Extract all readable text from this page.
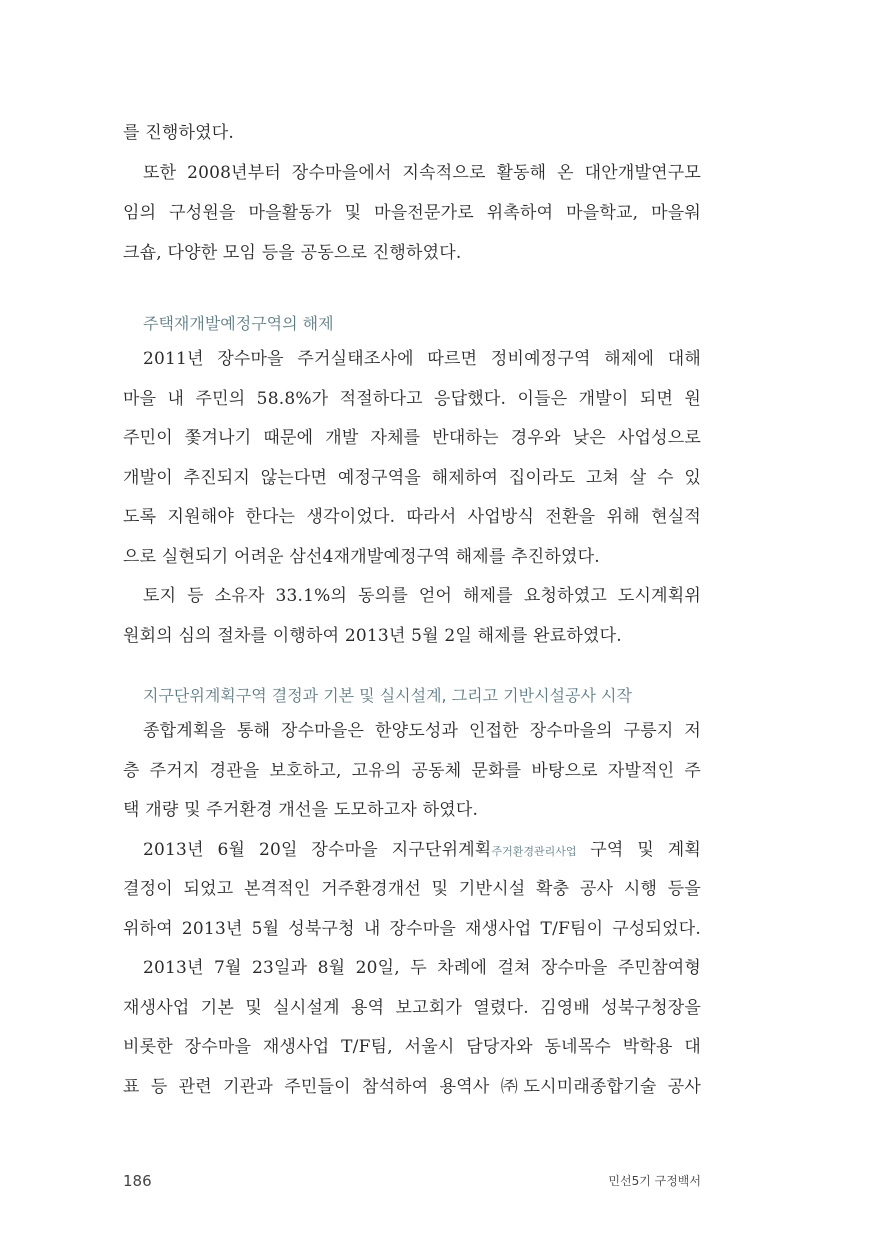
를 진행하였다.

또한 2008년부터 장수마을에서 지속적으로 활동해 온 대안개발연구모

임의 구성원을 마을활동가 및 마을전문가로 위촉하여 마을학교, 마을워

크숍, 다양한 모임 등을 공동으로 진행하였다.

주택재개발예정구역의 해제

2011년 장수마을 주거실태조사에 따르면 정비예정구역 해제에 대해

마을 내 주민의 58.8%가 적절하다고 응답했다. 이들은 개발이 되면 원

주민이 쫓겨나기 때문에 개발 자체를 반대하는 경우와 낮은 사업성으로

개발이 추진되지 않는다면 예정구역을 해제하여 집이라도 고쳐 살 수 있

도록 지원해야 한다는 생각이었다. 따라서 사업방식 전환을 위해 현실적

으로 실현되기 어려운 삼선4재개발예정구역 해제를 추진하였다.

토지 등 소유자 33.1%의 동의를 얻어 해제를 요청하였고 도시계획위

원회의 심의 절차를 이행하여 2013년 5월 2일 해제를 완료하였다.

지구단위계획구역 결정과 기본 및 실시설계, 그리고 기반시설공사 시작

종합계획을 통해 장수마을은 한양도성과 인접한 장수마을의 구릉지 저

층 주거지 경관을 보호하고, 고유의 공동체 문화를 바탕으로 자발적인 주

택 개량 및 주거환경 개선을 도모하고자 하였다.

2013년 6월 20일 장수마을 지구단위계획주거환경관리사업 구역 및 계획

결정이 되었고 본격적인 거주환경개선 및 기반시설 확충 공사 시행 등을

위하여 2013년 5월 성북구청 내 장수마을 재생사업 T/F팀이 구성되었다.

2013년 7월 23일과 8월 20일, 두 차례에 걸쳐 장수마을 주민참여형

재생사업 기본 및 실시설계 용역 보고회가 열렸다. 김영배 성북구청장을

비롯한 장수마을 재생사업 T/F팀, 서울시 담당자와 동네목수 박학용 대

표 등 관련 기관과 주민들이 참석하여 용역사 ㈜도시미래종합기술 공사

186	민선5기 구정백서
